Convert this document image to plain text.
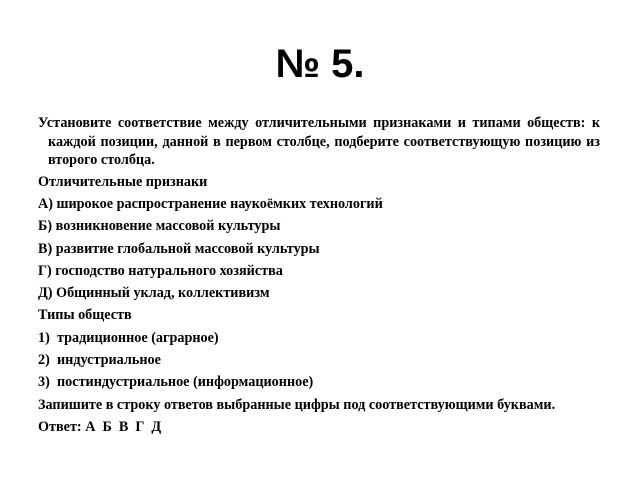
№ 5.

Установите соответствие между отличительными признаками и типами обществ: к каждой позиции, данной в первом столбце, подберите соответствующую позицию из второго столбца.

Отличительные признаки
А) широкое распространение наукоёмких технологий
Б) возникновение массовой культуры
В) развитие глобальной массовой культуры
Г) господство натурального хозяйства
Д) Общинный уклад, коллективизм
Типы обществ
1) традиционное (аграрное)
2) индустриальное
3) постиндустриальное (информационное)
Запишите в строку ответов выбранные цифры под соответствующими буквами.
Ответ: А Б В Г Д
